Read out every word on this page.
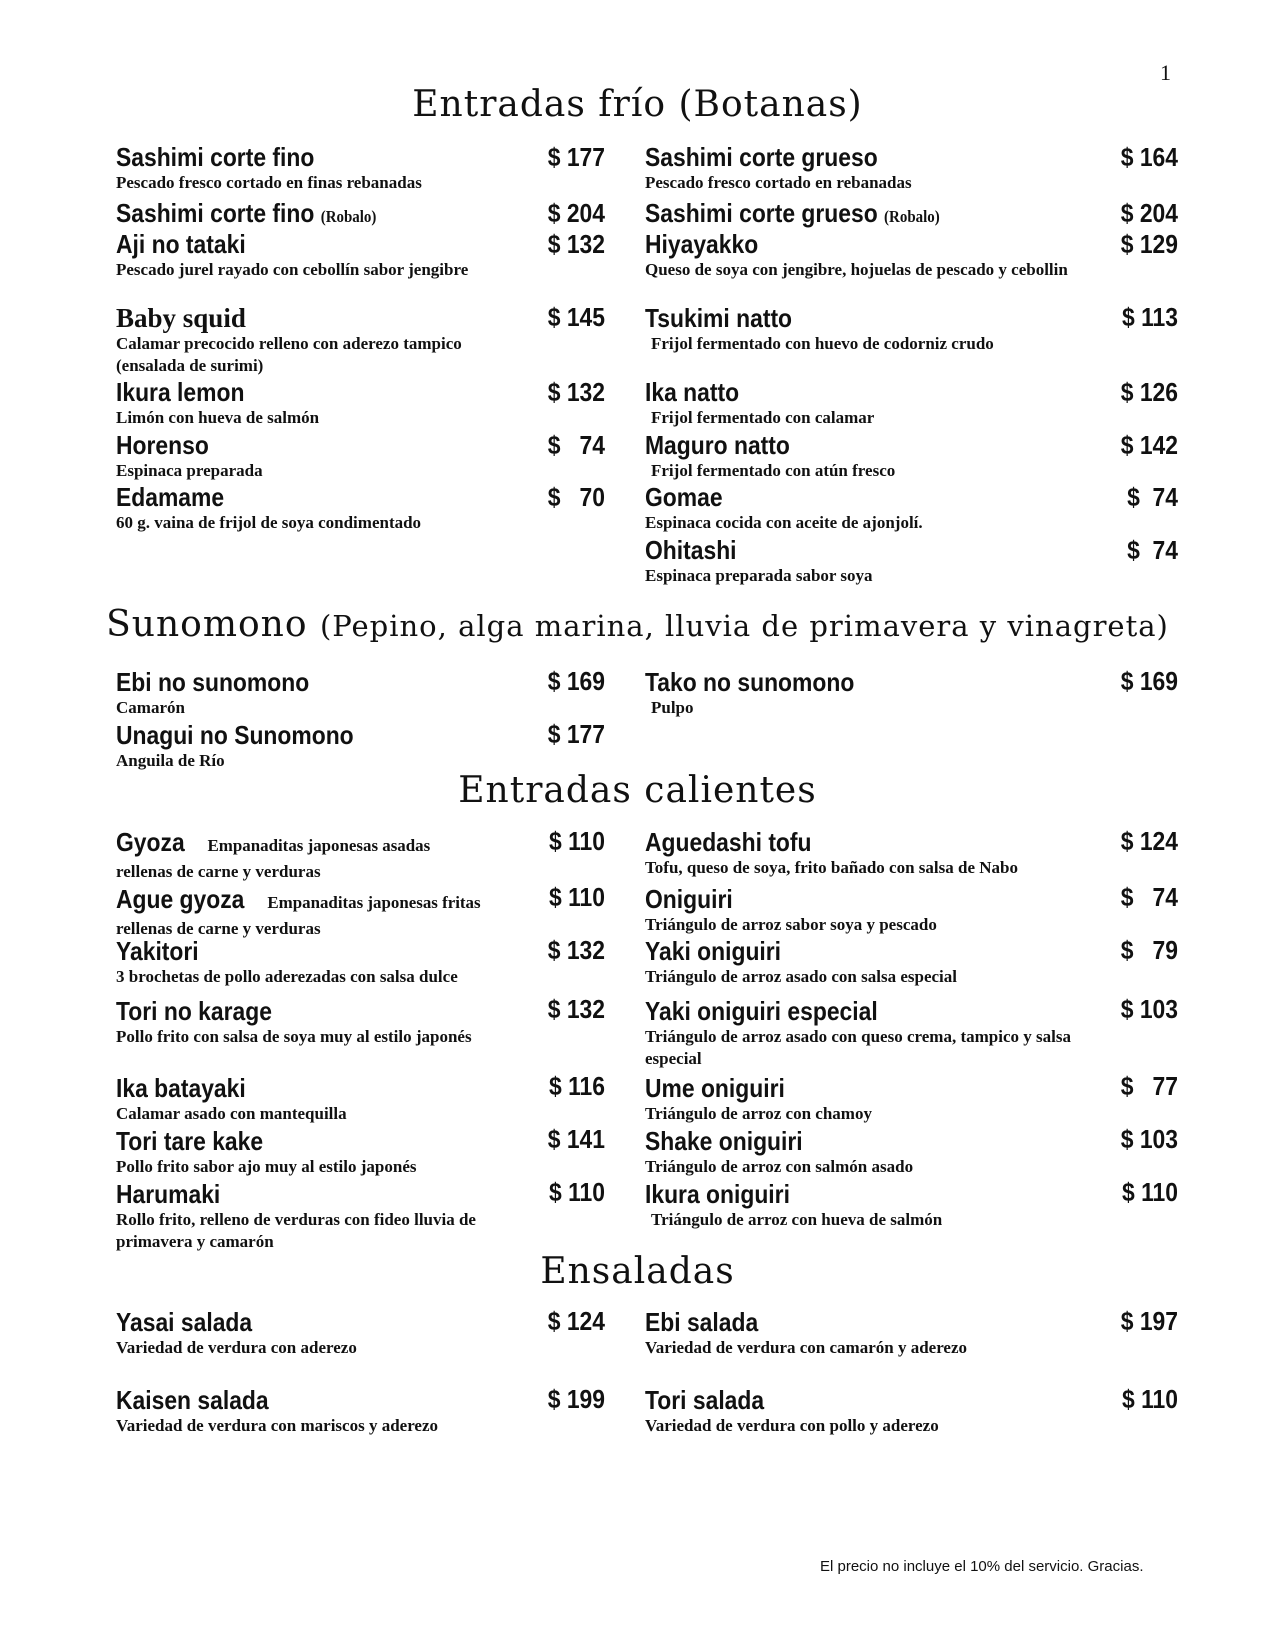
1
Entradas frío (Botanas)
Sashimi corte fino
Pescado fresco cortado en finas rebanadas
$ 177
Sashimi corte fino (Robalo)	$ 204
Aji no tataki
Pescado jurel rayado con cebollín sabor jengibre
$ 132
Baby squid
Calamar precocido relleno con aderezo tampico (ensalada de surimi)
$ 145
Ikura lemon
Limón con hueva de salmón
$ 132
Horenso
Espinaca preparada
$   74
Edamame
60 g. vaina de frijol de soya condimentado
$   70
Sashimi corte grueso
Pescado fresco cortado en rebanadas
$ 164
Sashimi corte grueso (Robalo)	$ 204
Hiyayakko
Queso de soya con jengibre, hojuelas de pescado y cebollin
$ 129
Tsukimi natto
Frijol fermentado con huevo de codorniz crudo
$ 113
Ika natto
Frijol fermentado con calamar
$ 126
Maguro natto
Frijol fermentado con atún fresco
$ 142
Gomae
Espinaca cocida con aceite de ajonjolí.
$  74
Ohitashi
Espinaca preparada sabor soya
$  74
Sunomono (Pepino, alga marina, lluvia de primavera y vinagreta)
Ebi no sunomono
Camarón
$ 169
Unagui no Sunomono
Anguila de Río
$ 177
Tako no sunomono
Pulpo
$ 169
Entradas calientes
Gyoza Empanaditas japonesas asadas
rellenas de carne y verduras
$ 110
Ague gyoza Empanaditas japonesas fritas
rellenas de carne y verduras
$ 110
Yakitori
3 brochetas de pollo aderezadas con salsa dulce
$ 132
Tori no karage
Pollo frito con salsa de soya muy al estilo japonés
$ 132
Ika batayaki
Calamar asado con mantequilla
$ 116
Tori tare kake
Pollo frito sabor ajo muy al estilo japonés
$ 141
Harumaki
Rollo frito, relleno de verduras con fideo lluvia de primavera y camarón
$ 110
Aguedashi tofu
Tofu, queso de soya, frito bañado con salsa de Nabo
$ 124
Oniguiri
Triángulo de arroz sabor soya y pescado
$   74
Yaki oniguiri
Triángulo de arroz asado con salsa especial
$   79
Yaki oniguiri especial
Triángulo de arroz asado con queso crema, tampico y salsa especial
$ 103
Ume oniguiri
Triángulo de arroz con chamoy
$   77
Shake oniguiri
Triángulo de arroz con salmón asado
$ 103
Ikura oniguiri
Triángulo de arroz con hueva de salmón
$ 110
Ensaladas
Yasai salada
Variedad de verdura con aderezo
$ 124
Kaisen salada
Variedad de verdura con mariscos y aderezo
$ 199
Ebi salada
Variedad de verdura con camarón y aderezo
$ 197
Tori salada
Variedad de verdura con pollo y aderezo
$ 110
El precio no incluye el 10% del servicio. Gracias.
